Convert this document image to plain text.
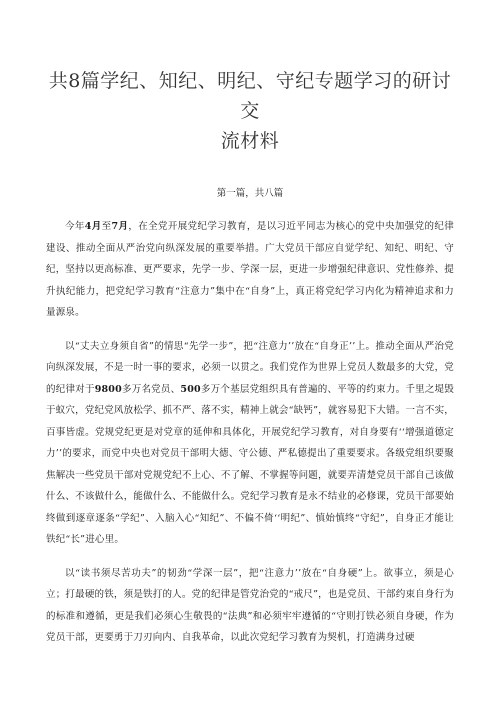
共8篇学纪、知纪、明纪、守纪专题学习的研讨交
流材料

第一篇，共八篇

今年4月至7月，在全党开展党纪学习教育，是以习近平同志为核心的党中央加强党的纪律建设、推动全面从严治党向纵深发展的重要举措。广大党员干部应自觉学纪、知纪、明纪、守纪，坚持以更高标准、更严要求，先学一步、学深一层，更进一步增强纪律意识、党性修养、提升执纪能力，把党纪学习教育“注意力”集中在“自身”上，真正将党纪学习内化为精神追求和力量源泉。

以“丈夫立身须自省”的情思“先学一步”，把“注意力’’放在“自身正’’上。推动全面从严治党向纵深发展，不是一时一事的要求，必须一以贯之。我们党作为世界上党员人数最多的大党，党的纪律对于9800多万名党员、500多万个基层党组织具有普遍的、平等的约束力。千里之堤毁于蚁穴，党纪党风放松学、抓不严、落不实，精神上就会“缺钙”，就容易犯下大错。一言不实，百事皆虚。党规党纪更是对党章的延伸和具体化，开展党纪学习教育，对自身要有‘‘增强道德定力’’的要求，而党中央也对党员干部明大德、守公德、严私德提出了重要要求。各级党组织要聚焦解决一些党员干部对党规党纪不上心、不了解、不掌握等问题，就要弄清楚党员干部自己该做什么、不该做什么，能做什么、不能做什么。党纪学习教育是永不结业的必修课，党员干部要始终做到逐章逐条“学纪”、入脑入心“知纪”、不偏不倚‘‘明纪”、慎始慎终“守纪”，自身正才能让铁纪“长”进心里。

以“读书须尽苦功夫”的韧劲“学深一层”，把“注意力’’放在“自身硬”上。欲事立，须是心立；打最硬的铁，须是铁打的人。党的纪律是管党治党的“戒尺”，也是党员、干部约束自身行为的标准和遵循，更是我们必须心生敬畏的“法典”和必须牢牢遵循的“守则打铁必须自身硬，作为党员干部，更要勇于刀刃向内、自我革命，以此次党纪学习教育为契机，打造满身过硬
